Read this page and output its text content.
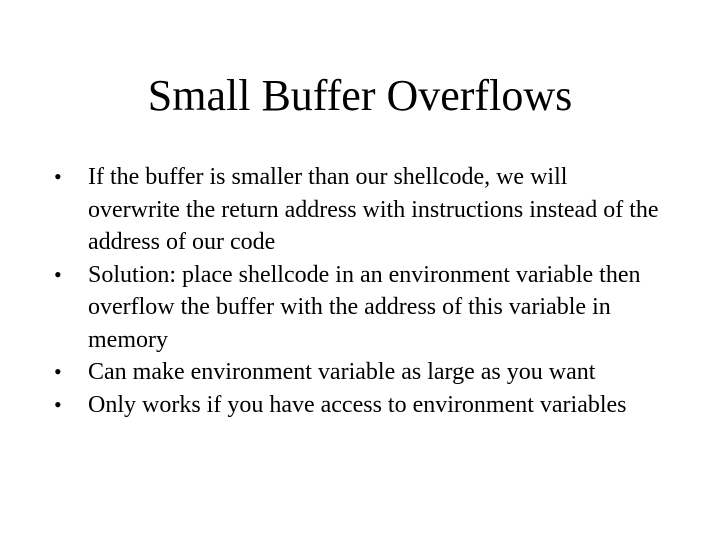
Small Buffer Overflows
•	If the buffer is smaller than our shellcode, we will overwrite the return address with instructions instead of the address of our code
•	Solution: place shellcode in an environment variable then overflow the buffer with the address of this variable in memory
•	Can make environment variable as large as you want
•	Only works if you have access to environment variables
